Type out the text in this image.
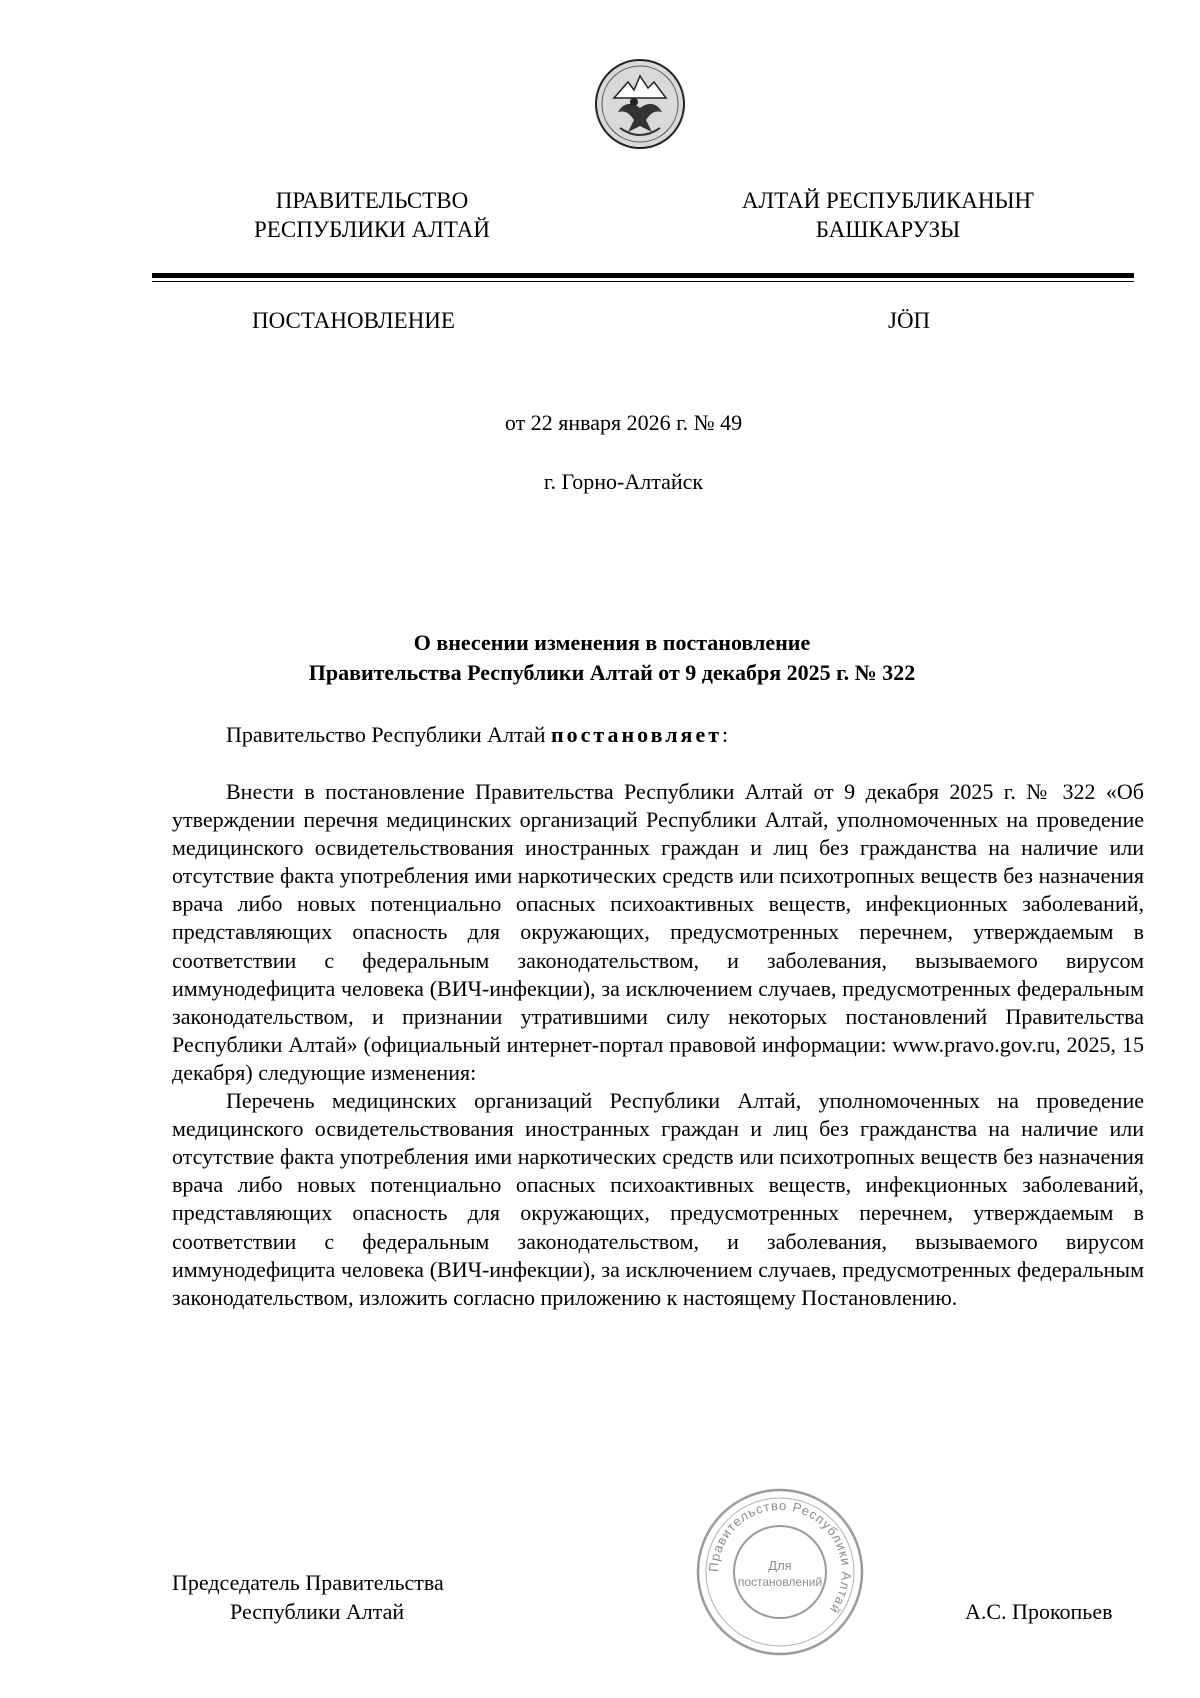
ПРАВИТЕЛЬСТВО
РЕСПУБЛИКИ АЛТАЙ
АЛТАЙ РЕСПУБЛИКАНЫҤ
БАШКАРУЗЫ
ПОСТАНОВЛЕНИЕ	ЈӦП
от 22 января 2026 г. № 49
г. Горно-Алтайск
О внесении изменения в постановление
Правительства Республики Алтай от 9 декабря 2025 г. № 322
Правительство Республики Алтай постановляет:

Внести в постановление Правительства Республики Алтай от 9 декабря 2025 г. № 322 «Об утверждении перечня медицинских организаций Республики Алтай, уполномоченных на проведение медицинского освидетельствования иностранных граждан и лиц без гражданства на наличие или отсутствие факта употребления ими наркотических средств или психотропных веществ без назначения врача либо новых потенциально опасных психоактивных веществ, инфекционных заболеваний, представляющих опасность для окружающих, предусмотренных перечнем, утверждаемым в соответствии с федеральным законодательством, и заболевания, вызываемого вирусом иммунодефицита человека (ВИЧ-инфекции), за исключением случаев, предусмотренных федеральным законодательством, и признании утратившими силу некоторых постановлений Правительства Республики Алтай» (официальный интернет-портал правовой информации: www.pravo.gov.ru, 2025, 15 декабря) следующие изменения:

Перечень медицинских организаций Республики Алтай, уполномоченных на проведение медицинского освидетельствования иностранных граждан и лиц без гражданства на наличие или отсутствие факта употребления ими наркотических средств или психотропных веществ без назначения врача либо новых потенциально опасных психоактивных веществ, инфекционных заболеваний, представляющих опасность для окружающих, предусмотренных перечнем, утверждаемым в соответствии с федеральным законодательством, и заболевания, вызываемого вирусом иммунодефицита человека (ВИЧ-инфекции), за исключением случаев, предусмотренных федеральным законодательством, изложить согласно приложению к настоящему Постановлению.

Правительство Республики Алтай
Для
постановлений
Председатель Правительства
Республики Алтай	А.С. Прокопьев
